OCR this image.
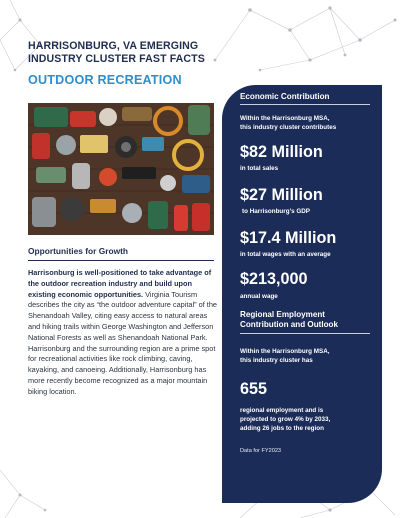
HARRISONBURG, VA EMERGING
INDUSTRY CLUSTER FAST FACTS
OUTDOOR RECREATION
Opportunities for Growth
Harrisonburg is well-positioned to take advantage of the outdoor recreation industry and build upon existing economic opportunities. Virginia Tourism describes the city as “the outdoor adventure capital” of the Shenandoah Valley, citing easy access to natural areas and hiking trails within George Washington and Jefferson National Forests as well as Shenandoah National Park. Harrisonburg and the surrounding region are a prime spot for recreational activities like rock climbing, caving, kayaking, and canoeing. Additionally, Harrisonburg has more recently become recognized as a major mountain biking location.
Economic Contribution
Within the Harrisonburg MSA,
this industry cluster contributes
$82 Million
in total sales
$27 Million
to Harrisonburg’s GDP
$17.4 Million
in total wages with an average
$213,000
annual wage
Regional Employment
Contribution and Outlook
Within the Harrisonburg MSA,
this industry cluster has
655
regional employment and is
projected to grow 4% by 2033,
adding 26 jobs to the region
Data for FY2023
